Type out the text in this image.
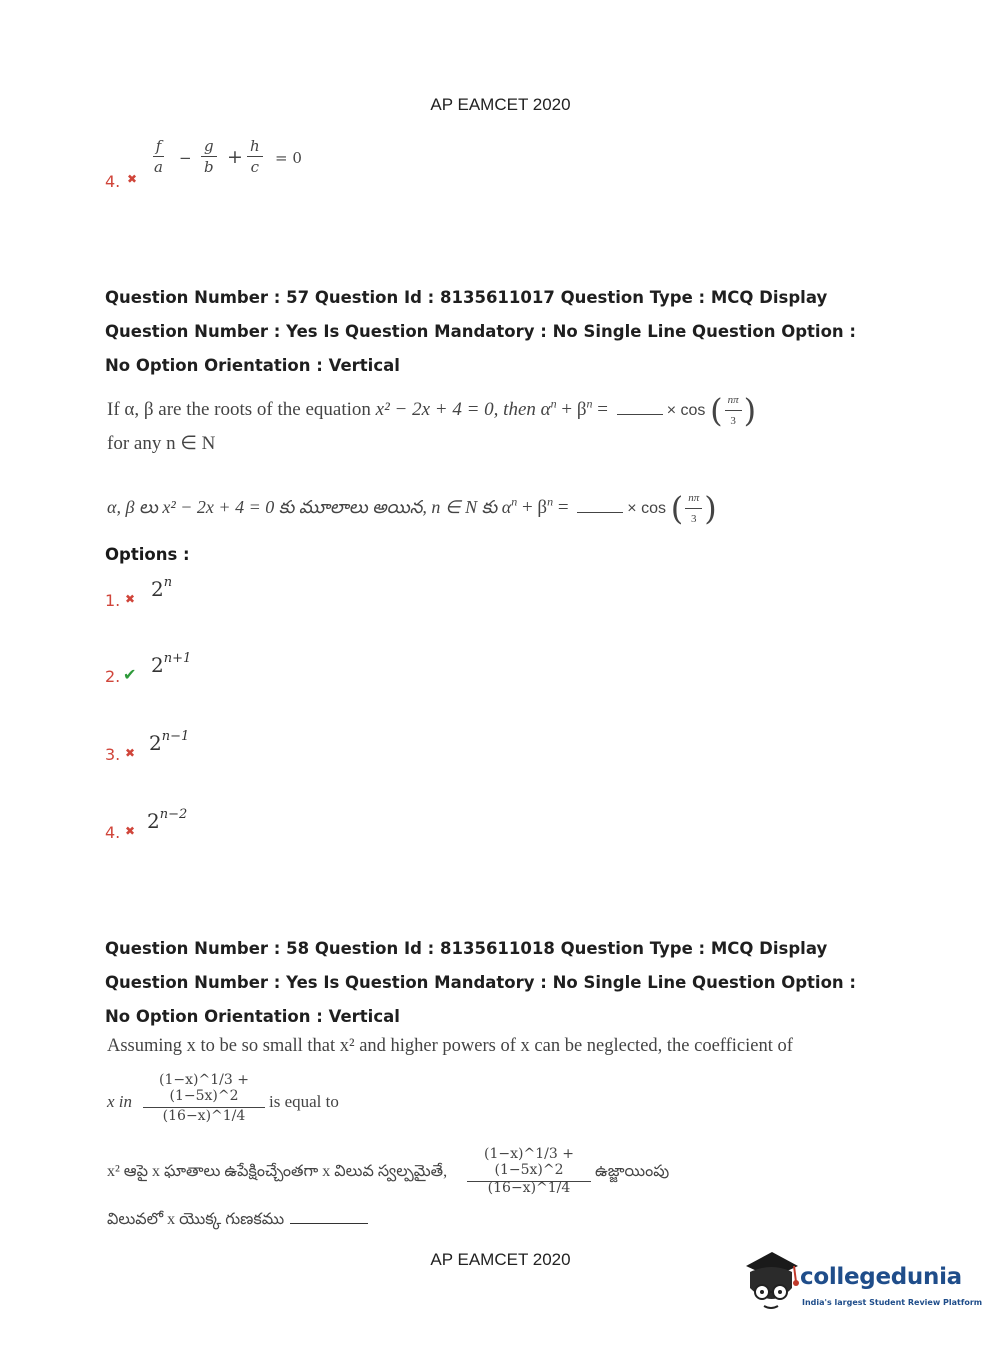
AP EAMCET 2020
4. ✖
$\frac{f}{a} - \frac{g}{b} + \frac{h}{c} = 0$
Question Number : 57 Question Id : 8135611017 Question Type : MCQ Display Question Number : Yes Is Question Mandatory : No Single Line Question Option : No Option Orientation : Vertical
If α, β are the roots of the equation x² − 2x + 4 = 0, then $\alpha^n + \beta^n$ =	× cos ( $\frac{n\pi}{3}$ )
for any n ∈ N
α, β లు x² − 2x + 4 = 0 కు మూలాలు అయిన, n ∈ N కు $\alpha^n + \beta^n$ =	× cos ( $\frac{n\pi}{3}$ )
Options :
1. ✖ 2$^n$
2. ✔ $2^{n+1}$
3. ✖ $2^{n-1}$
4. ✖ $2^{n-2}$
Question Number : 58 Question Id : 8135611018 Question Type : MCQ Display Question Number : Yes Is Question Mandatory : No Single Line Question Option : No Option Orientation : Vertical
Assuming x to be so small that x² and higher powers of x can be neglected, the coefficient of
x in
(1−x)^1/3 + (1−5x)^2
(16−x)^1/4
is equal to
x² ఆపై x ఘాతాలు ఉపేక్షించ్చేంతగా x విలువ స్వల్పమైతే,
(1−x)^1/3 + (1−5x)^2
(16−x)^1/4
ఉజ్జాయింపు
విలువలో x యొక్క గుణకము
AP EAMCET 2020
collegedunia
India's largest Student Review Platform
